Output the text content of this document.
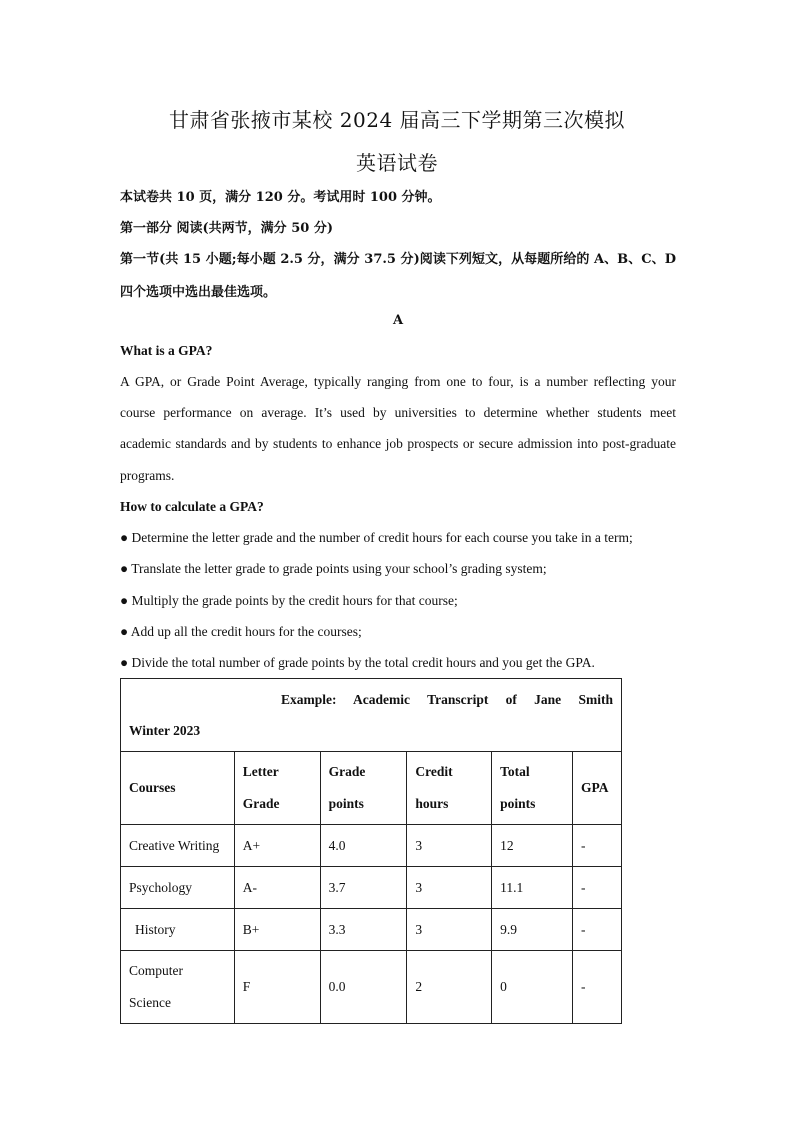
甘肃省张掖市某校 2024 届高三下学期第三次模拟
英语试卷
本试卷共 10 页，满分 120 分。考试用时 100 分钟。
第一部分 阅读(共两节，满分 50 分)
第一节(共 15 小题;每小题 2.5 分，满分 37.5 分)阅读下列短文，从每题所给的 A、B、C、D
四个选项中选出最佳选项。
A
What is a GPA?
A GPA, or Grade Point Average, typically ranging from one to four, is a number reflecting your
course performance on average. It’s used by universities to determine whether students meet
academic standards and by students to enhance job prospects or secure admission into post-graduate
programs.
How to calculate a GPA?
● Determine the letter grade and the number of credit hours for each course you take in a term;
● Translate the letter grade to grade points using your school’s grading system;
● Multiply the grade points by the credit hours for that course;
● Add up all the credit hours for the courses;
● Divide the total number of grade points by the total credit hours and you get the GPA.
Example: Academic Transcript of Jane Smith
Winter 2023					
Courses	Letter Grade	Grade points	Credit hours	Total points	GPA
Creative Writing	A+	4.0	3	12	-
Psychology	A-	3.7	3	11.1	-
History	B+	3.3	3	9.9	-
Computer Science	F	0.0	2	0	-
